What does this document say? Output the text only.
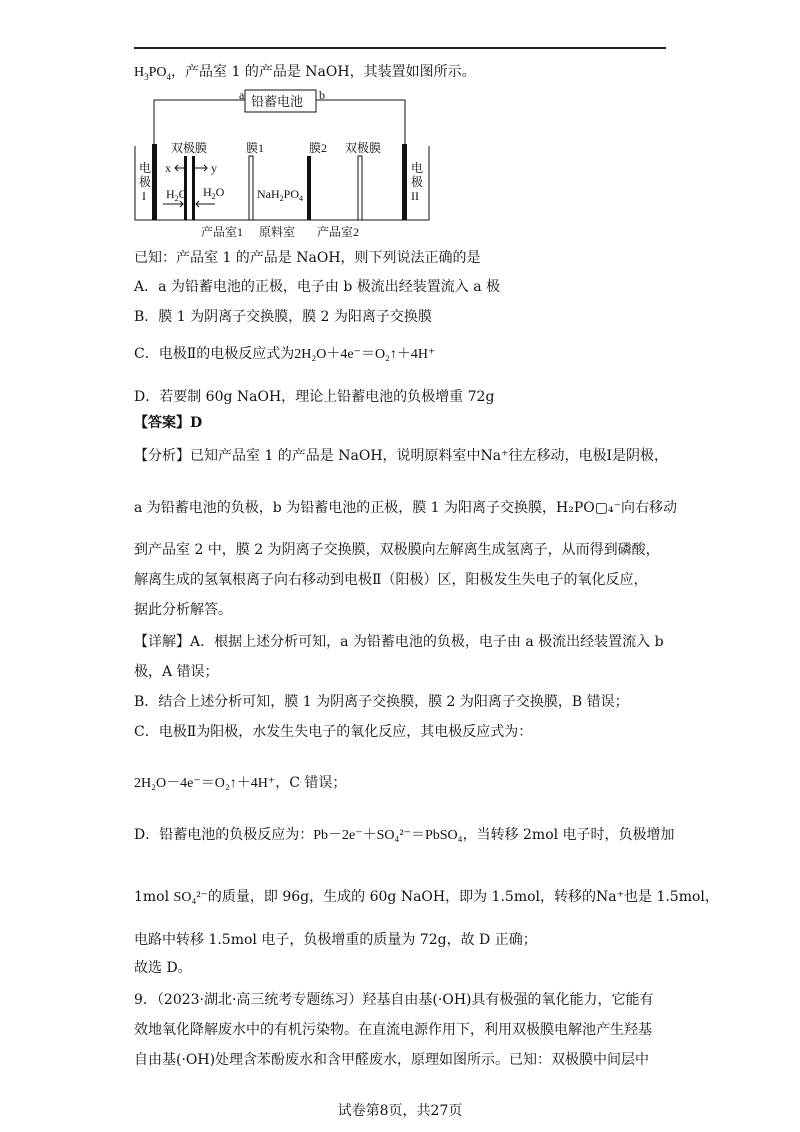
$H_3PO_4$，产品室 1 的产品是 NaOH，其装置如图所示。
铅蓄电池
a	b
电
极
I
电
极
II
双极膜
x	y
$H_2O$ $H_2O$
膜1	膜2
$NaH_2PO_4$
双极膜
产品室1 原料室 产品室2
已知：产品室 1 的产品是 NaOH，则下列说法正确的是
A．a 为铅蓄电池的正极，电子由 b 极流出经装置流入 a 极
B．膜 1 为阴离子交换膜，膜 2 为阳离子交换膜
C．电极Ⅱ的电极反应式为2H₂O＋4e⁻＝O₂↑＋4H⁺
D．若要制 60g NaOH，理论上铅蓄电池的负极增重 72g
【答案】D
【分析】已知产品室 1 的产品是 NaOH，说明原料室中Na⁺往左移动，电极Ⅰ是阴极，
a 为铅蓄电池的负极，b 为铅蓄电池的正极，膜 1 为阳离子交换膜，H₂PO▢₄⁻向右移动
到产品室 2 中，膜 2 为阴离子交换膜，双极膜向左解离生成氢离子，从而得到磷酸，
解离生成的氢氧根离子向右移动到电极Ⅱ（阳极）区，阳极发生失电子的氧化反应，
据此分析解答。
【详解】A．根据上述分析可知，a 为铅蓄电池的负极，电子由 a 极流出经装置流入 b
极，A 错误；
B．结合上述分析可知，膜 1 为阴离子交换膜，膜 2 为阳离子交换膜，B 错误；
C．电极Ⅱ为阳极，水发生失电子的氧化反应，其电极反应式为：
2H₂O－4e⁻＝O₂↑＋4H⁺，C 错误；
D．铅蓄电池的负极反应为：Pb－2e⁻＋SO₄²⁻＝PbSO₄，当转移 2mol 电子时，负极增加
1mol SO₄²⁻的质量，即 96g，生成的 60g NaOH，即为 1.5mol，转移的Na⁺也是 1.5mol，
电路中转移 1.5mol 电子，负极增重的质量为 72g，故 D 正确；
故选 D。
9．（2023·湖北·高三统考专题练习）羟基自由基(·OH)具有极强的氧化能力，它能有
效地氧化降解废水中的有机污染物。在直流电源作用下，利用双极膜电解池产生羟基
自由基(·OH)处理含苯酚废水和含甲醛废水，原理如图所示。已知：双极膜中间层中
试卷第8页，共27页
